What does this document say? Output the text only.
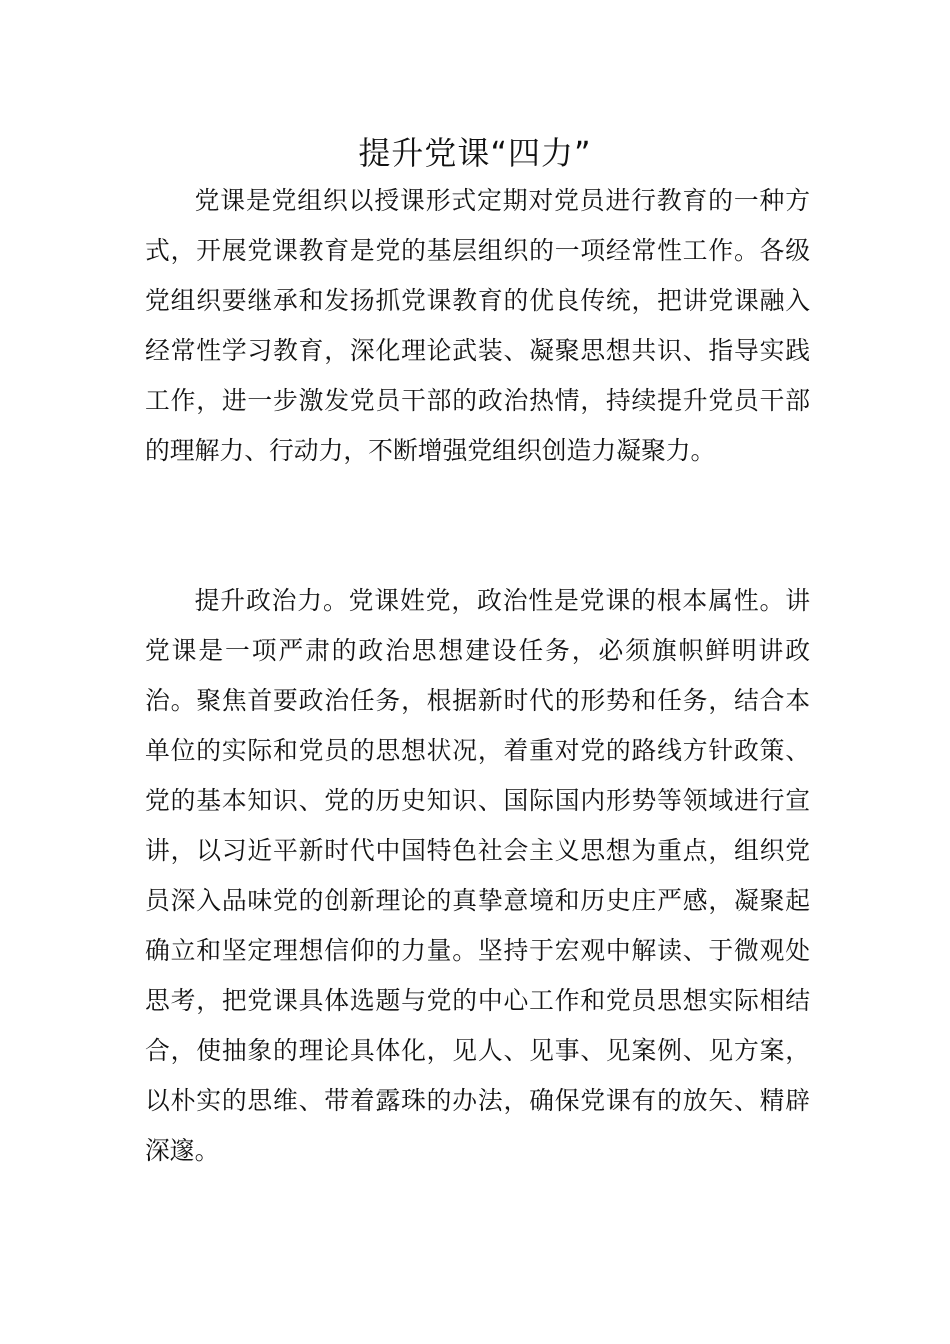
提升党课“四力”

党课是党组织以授课形式定期对党员进行教育的一种方式，开展党课教育是党的基层组织的一项经常性工作。各级党组织要继承和发扬抓党课教育的优良传统，把讲党课融入经常性学习教育，深化理论武装、凝聚思想共识、指导实践工作，进一步激发党员干部的政治热情，持续提升党员干部的理解力、行动力，不断增强党组织创造力凝聚力。

提升政治力。党课姓党，政治性是党课的根本属性。讲党课是一项严肃的政治思想建设任务，必须旗帜鲜明讲政治。聚焦首要政治任务，根据新时代的形势和任务，结合本单位的实际和党员的思想状况，着重对党的路线方针政策、党的基本知识、党的历史知识、国际国内形势等领域进行宣讲，以习近平新时代中国特色社会主义思想为重点，组织党员深入品味党的创新理论的真挚意境和历史庄严感，凝聚起确立和坚定理想信仰的力量。坚持于宏观中解读、于微观处思考，把党课具体选题与党的中心工作和党员思想实际相结合，使抽象的理论具体化，见人、见事、见案例、见方案，以朴实的思维、带着露珠的办法，确保党课有的放矢、精辟深邃。
